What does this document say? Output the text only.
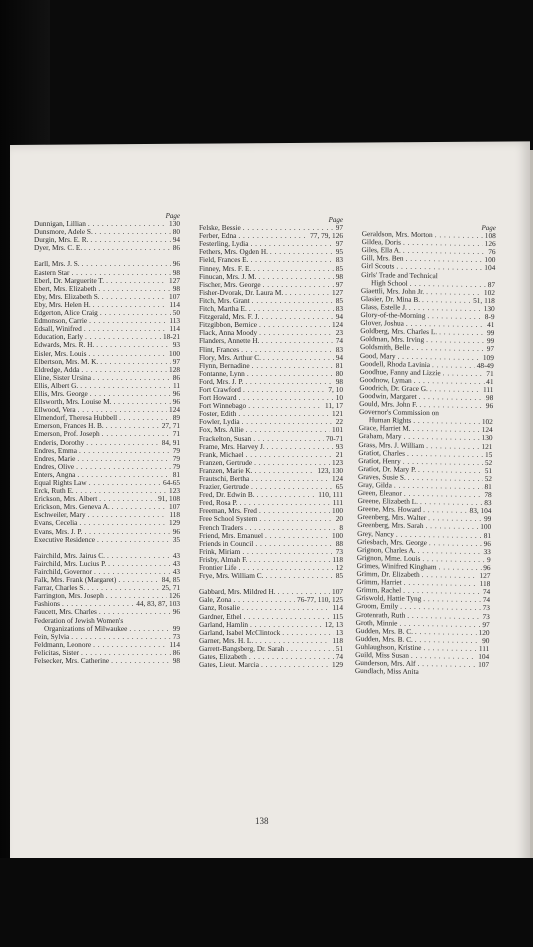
Page
Dunnigan, Lillian . . .	130
Dunsmore, Adele S. . . .	80
Durgin, Mrs. E. R. . . .	94
Dyer, Mrs. C. E. . . .	86
Earll, Mrs. J. S. . . .	96
Eastern Star . . .	98
Eberl, Dr. Marguerite T. . . .	127
Ebert, Mrs. Elizabeth . . .	98
Eby, Mrs. Elizabeth S. . . .	107
Eby, Mrs. Helen H. . . .	114
Edgerton, Alice Craig . . .	50
Edmonson, Carrie . . .	113
Edsall, Winifred . . .	114
Education, Early . . .	18-21
Edwards, Mrs. R. H. . . .	93
Eisler, Mrs. Louis . . .	100
Elbertson, Mrs. M. K. . . .	97
Eldredge, Adda . . .	128
Eline, Sister Ursina . . .	86
Ellis, Albert G. . . .	11
Ellis, Mrs. George . . .	96
Ellsworth, Mrs. Louise M. . . .	96
Ellwood, Vera . . .	124
Elmendorf, Theresa Hubbell . . .	89
Emerson, Frances H. B. . . .	27, 71
Emerson, Prof. Joseph . . .	71
Enderis, Dorothy . . .	84, 91
Endres, Emma . . .	79
Endres, Marie . . .	79
Endres, Olive . . .	79
Enters, Angna . . .	81
Equal Rights Law . . .	64-65
Erck, Ruth E. . . .	123
Erickson, Mrs. Albert . . .	91, 108
Erickson, Mrs. Geneva A. . . .	107
Eschweiler, Mary . . .	118
Evans, Cecelia . . .	129
Evans, Mrs. J. P. . . .	96
Executive Residence . . .	35
Fairchild, Mrs. Jairus C. . . .	43
Fairchild, Mrs. Lucius P. . . .	43
Fairchild, Governor . . .	43
Falk, Mrs. Frank (Margaret) . . .	84, 85
Farrar, Charles S. . . .	25, 71
Farrington, Mrs. Joseph . . .	126
Fashions . . .	44, 83, 87, 103
Faucett, Mrs. Charles . . .	96
Federation of Jewish Women's
Organizations of Milwaukee . . .	99
Fein, Sylvia . . .	73
Feldmann, Leonore . . .	114
Felicitas, Sister . . .	86
Felsecker, Mrs. Catherine . . .	98
Page
Felske, Bessie . . .	97
Ferber, Edna . . .	77, 79, 126
Festerling, Lydia . . .	97
Fethers, Mrs. Ogden H. . . .	95
Field, Frances E. . . .	83
Finney, Mrs. F. E. . . .	85
Finucan, Mrs. J. M. . . .	98
Fischer, Mrs. George . . .	97
Fisher-Dvorak, Dr. Laura M. . . .	127
Fitch, Mrs. Grant . . .	85
Fitch, Martha E. . . .	83
Fitzgerald, Mrs. F. J. . . .	94
Fitzgibbon, Bernice . . .	124
Flack, Anna Moody . . .	23
Flanders, Annette H. . . .	74
Flint, Frances . . .	83
Flory, Mrs. Arthur C. . . .	94
Flynn, Bernadine . . .	81
Fontanne, Lynn . . .	80
Ford, Mrs. J. P. . . .	98
Fort Crawford . . .	7, 10
Fort Howard . . .	10
Fort Winnebago . . .	11, 17
Foster, Edith . . .	121
Fowler, Lydia . . .	22
Fox, Mrs. Allie . . .	101
Frackelton, Susan . . .	70-71
Frame, Mrs. Harvey J. . . .	93
Frank, Michael . . .	21
Franzen, Gertrude . . .	123
Franzen, Marie K. . . .	123, 130
Frautschi, Bertha . . .	124
Frazier, Gertrude . . .	65
Fred, Dr. Edwin B. . . .	110, 111
Fred, Rosa P. . . .	111
Freeman, Mrs. Fred . . .	100
Free School System . . .	20
French Traders . . .	8
Friend, Mrs. Emanuel . . .	100
Friends in Council . . .	88
Frink, Miriam . . .	73
Frisby, Almah F. . . .	118
Frontier Life . . .	12
Frye, Mrs. William C. . . .	85
Gabbard, Mrs. Mildred H. . . .	107
Gale, Zona . . .	76-77, 110, 125
Ganz, Rosalie . . .	114
Gardner, Ethel . . .	115
Garland, Hamlin . . .	12, 13
Garland, Isabel McClintock . . .	13
Garner, Mrs. H. L. . . .	118
Garrett-Bangsberg, Dr. Sarah . . .	51
Gates, Elizabeth . . .	74
Gates, Lieut. Marcia . . .	129
Page
Geraldson, Mrs. Morton . . .	108
Gildea, Doris . . .	126
Giles, Ella A. . . .	76
Gill, Mrs. Ben . . .	100
Girl Scouts . . .	104
Girls' Trade and Technical
High School . . .	87
Giaettli, Mrs. John Jr. . . .	102
Glasier, Dr. Mina B. . . .	51, 118
Glass, Estelle J. . . .	130
Glory-of-the-Morning . . .	8-9
Glover, Joshua . . .	41
Goldberg, Mrs. Charles L. . . .	99
Goldman, Mrs. Irving . . .	99
Goldsmith, Belle . . .	97
Good, Mary . . .	109
Goodell, Rhoda Lavinia . . .	48-49
Goodhue, Fanny and Lizzie . . .	71
Goodnow, Lyman . . .	41
Goodrich, Dr. Grace G. . . .	111
Goodwin, Margaret . . .	98
Gould, Mrs. John F. . . .	96
Governor's Commission on
Human Rights . . .	102
Grace, Harriet M. . . .	124
Graham, Mary . . .	130
Grass, Mrs. J. William . . .	121
Gratiot, Charles . . .	15
Gratiot, Henry . . .	52
Gratiot, Dr. Mary P. . . .	51
Graves, Susie S. . . .	52
Gray, Gilda . . .	81
Green, Eleanor . . .	78
Greene, Elizabeth L. . . .	83
Greene, Mrs. Howard . . .	83, 104
Greenberg, Mrs. Walter . . .	99
Greenberg, Mrs. Sarah . . .	100
Grey, Nancy . . .	81
Griesbach, Mrs. George . . .	96
Grignon, Charles A. . . .	33
Grignon, Mme. Louis . . .	9
Grimes, Winifred Kingham . . .	96
Grimm, Dr. Elizabeth . . .	127
Grimm, Harriet . . .	118
Grimm, Rachel . . .	74
Griswold, Hattie Tyng . . .	74
Groom, Emily . . .	73
Grotenrath, Ruth . . .	73
Groth, Minnie . . .	97
Gudden, Mrs. B. C. . . .	120
Gudden, Mrs. B. C. . . .	90
Guhlaughson, Kristine . . .	111
Guild, Miss Susan . . .	104
Gunderson, Mrs. Alf . . .	107
Gundlach, Miss Anita
138
